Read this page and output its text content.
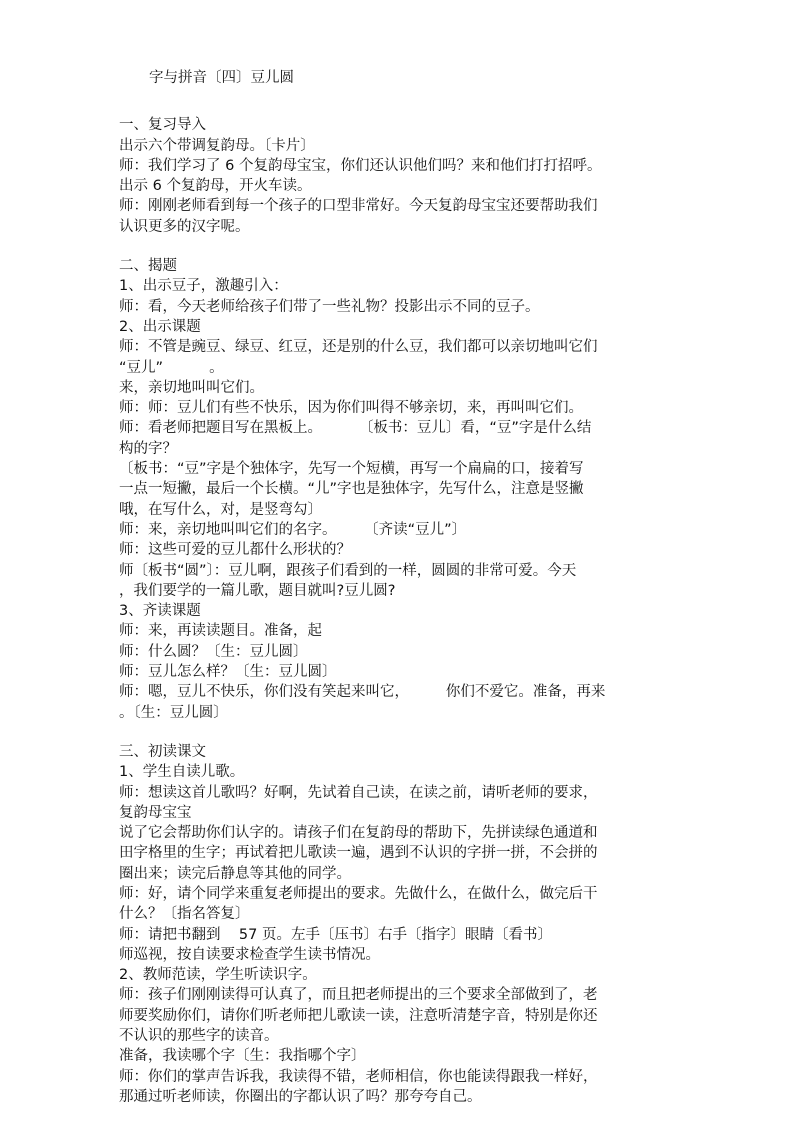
字与拼音〔四〕豆儿圆
一、复习导入
出示六个带调复韵母。〔卡片〕
师：我们学习了 6 个复韵母宝宝，你们还认识他们吗？来和他们打打招呼。
出示 6 个复韵母，开火车读。
师：刚刚老师看到每一个孩子的口型非常好。今天复韵母宝宝还要帮助我们
认识更多的汉字呢。
二、揭题
1、出示豆子，激趣引入：
师：看，今天老师给孩子们带了一些礼物？投影出示不同的豆子。
2、出示课题
师：不管是豌豆、绿豆、红豆，还是别的什么豆，我们都可以亲切地叫它们
“豆儿”          。
来，亲切地叫叫它们。
师：师：豆儿们有些不快乐，因为你们叫得不够亲切，来，再叫叫它们。
师：看老师把题目写在黑板上。        〔板书：豆儿〕看，“豆”字是什么结
构的字？
〔板书：“豆”字是个独体字，先写一个短横，再写一个扁扁的口，接着写
一点一短撇，最后一个长横。“儿”字也是独体字，先写什么，注意是竖撇
哦，在写什么，对，是竖弯勾〕
师：来，亲切地叫叫它们的名字。      〔齐读“豆儿”〕
师：这些可爱的豆儿都什么形状的？
师〔板书“圆”〕：豆儿啊，跟孩子们看到的一样，圆圆的非常可爱。今天
，我们要学的一篇儿歌，题目就叫?豆儿圆?
3、齐读课题
师：来，再读读题目。准备，起
师：什么圆？〔生：豆儿圆〕
师：豆儿怎么样？〔生：豆儿圆〕
师：嗯，豆儿不快乐，你们没有笑起来叫它，        你们不爱它。准备，再来
。〔生：豆儿圆〕
三、初读课文
1、学生自读儿歌。
师：想读这首儿歌吗？好啊，先试着自己读，在读之前，请听老师的要求，
复韵母宝宝
说了它会帮助你们认字的。请孩子们在复韵母的帮助下，先拼读绿色通道和
田字格里的生字；再试着把儿歌读一遍，遇到不认识的字拼一拼，不会拼的
圈出来；读完后静息等其他的同学。
师：好，请个同学来重复老师提出的要求。先做什么，在做什么，做完后干
什么？〔指名答复〕
师：请把书翻到    57 页。左手〔压书〕右手〔指字〕眼睛〔看书〕
师巡视，按自读要求检查学生读书情况。
2、教师范读，学生听读识字。
师：孩子们刚刚读得可认真了，而且把老师提出的三个要求全部做到了，老
师要奖励你们，请你们听老师把儿歌读一读，注意听清楚字音，特别是你还
不认识的那些字的读音。
准备，我读哪个字〔生：我指哪个字〕
师：你们的掌声告诉我，我读得不错，老师相信，你也能读得跟我一样好，
那通过听老师读，你圈出的字都认识了吗？那夸夸自己。
